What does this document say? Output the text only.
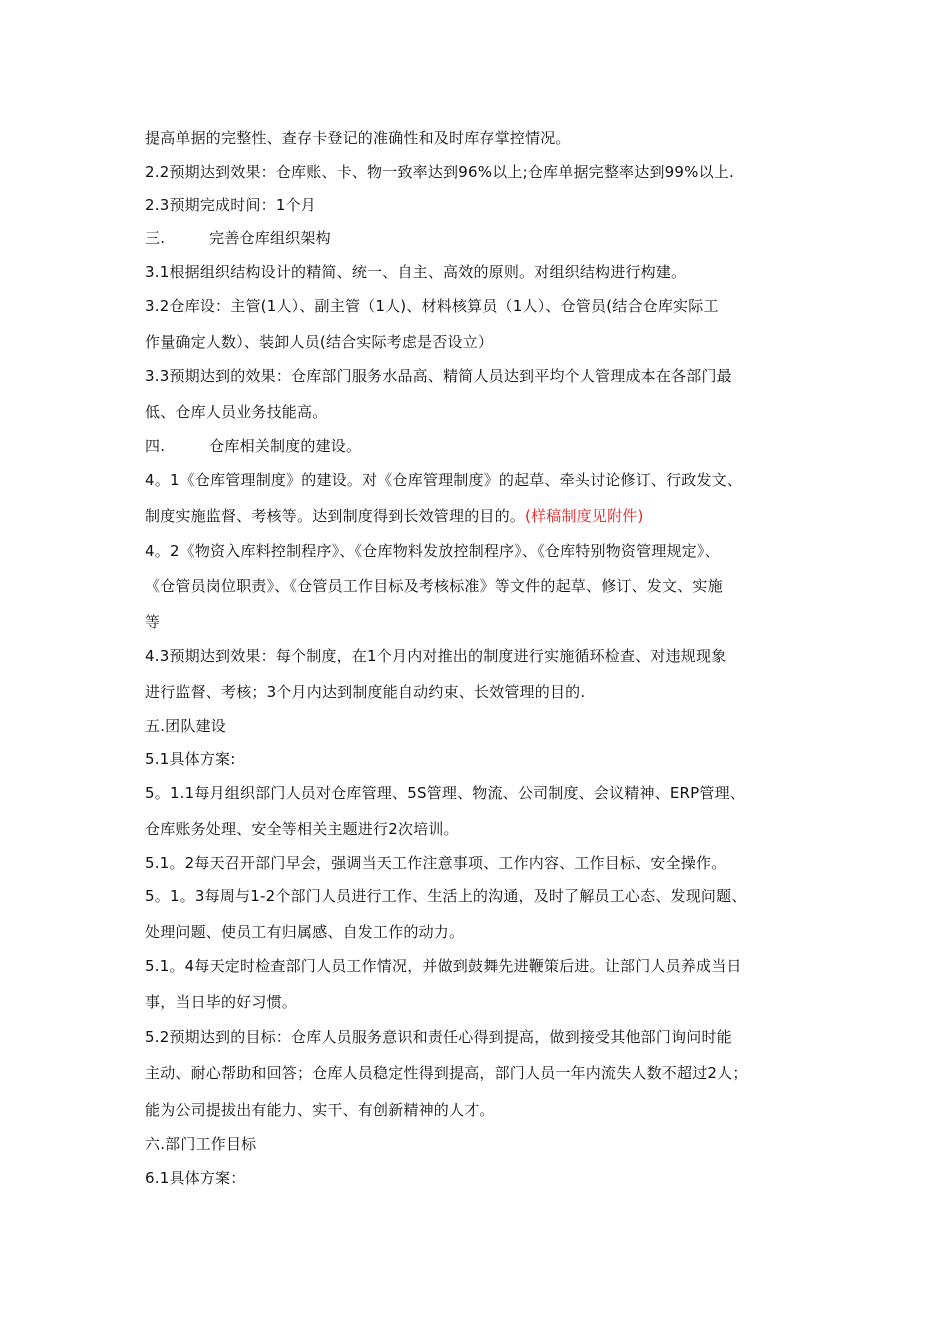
提高单据的完整性、查存卡登记的准确性和及时库存掌控情况。
2.2预期达到效果：仓库账、卡、物一致率达到96%以上;仓库单据完整率达到99%以上.
2.3预期完成时间：1个月
三.	完善仓库组织架构
3.1根据组织结构设计的精简、统一、自主、高效的原则。对组织结构进行构建。
3.2仓库设：主管(1人）、副主管（1人)、材料核算员（1人）、仓管员(结合仓库实际工
作量确定人数）、装卸人员(结合实际考虑是否设立）
3.3预期达到的效果：仓库部门服务水品高、精简人员达到平均个人管理成本在各部门最
低、仓库人员业务技能高。
四.	仓库相关制度的建设。
4。1《仓库管理制度》的建设。对《仓库管理制度》的起草、牵头讨论修订、行政发文、
制度实施监督、考核等。达到制度得到长效管理的目的。(样稿制度见附件)
4。2《物资入库料控制程序》、《仓库物料发放控制程序》、《仓库特别物资管理规定》、
《仓管员岗位职责》、《仓管员工作目标及考核标准》等文件的起草、修订、发文、实施
等
4.3预期达到效果：每个制度，在1个月内对推出的制度进行实施循环检查、对违规现象
进行监督、考核；3个月内达到制度能自动约束、长效管理的目的.
五.团队建设
5.1具体方案:
5。1.1每月组织部门人员对仓库管理、5S管理、物流、公司制度、会议精神、ERP管理、
仓库账务处理、安全等相关主题进行2次培训。
5.1。2每天召开部门早会，强调当天工作注意事项、工作内容、工作目标、安全操作。
5。1。3每周与1-2个部门人员进行工作、生活上的沟通，及时了解员工心态、发现问题、
处理问题、使员工有归属感、自发工作的动力。
5.1。4每天定时检查部门人员工作情况，并做到鼓舞先进鞭策后进。让部门人员养成当日
事，当日毕的好习惯。
5.2预期达到的目标：仓库人员服务意识和责任心得到提高，做到接受其他部门询问时能
主动、耐心帮助和回答；仓库人员稳定性得到提高，部门人员一年内流失人数不超过2人；
能为公司提拔出有能力、实干、有创新精神的人才。
六.部门工作目标
6.1具体方案：
